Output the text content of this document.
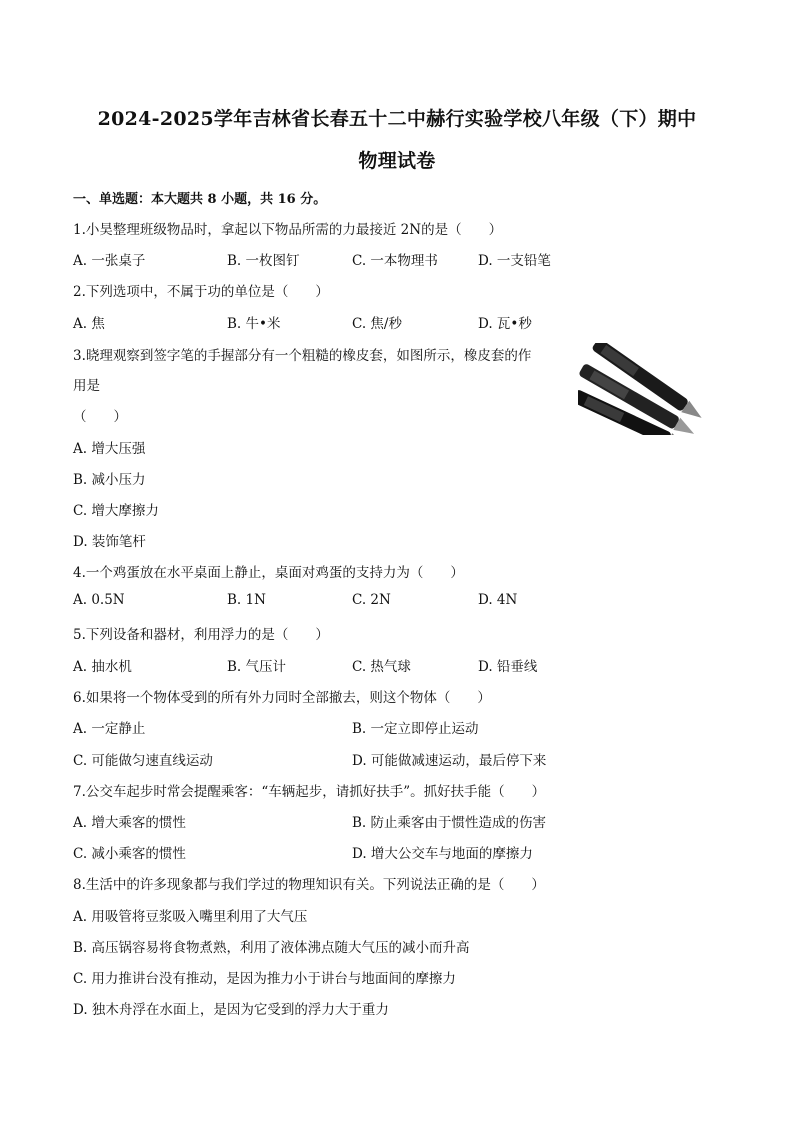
2024-2025学年吉林省长春五十二中赫行实验学校八年级（下）期中
物理试卷
一、单选题：本大题共 8 小题，共 16 分。
1.小昊整理班级物品时，拿起以下物品所需的力最接近 2N的是（　　）
A. 一张桌子	B. 一枚图钉	C. 一本物理书	D. 一支铅笔
2.下列选项中，不属于功的单位是（　　）
A. 焦	B. 牛•米	C. 焦/秒	D. 瓦•秒
3.晓理观察到签字笔的手握部分有一个粗糙的橡皮套，如图所示，橡皮套的作
用是
（　　）
A. 增大压强
B. 减小压力
C. 增大摩擦力
D. 装饰笔杆
4.一个鸡蛋放在水平桌面上静止，桌面对鸡蛋的支持力为（　　）
A. 0.5N	B. 1N	C. 2N	D. 4N
5.下列设备和器材，利用浮力的是（　　）
A. 抽水机	B. 气压计	C. 热气球	D. 铅垂线
6.如果将一个物体受到的所有外力同时全部撤去，则这个物体（　　）
A. 一定静止	B. 一定立即停止运动
C. 可能做匀速直线运动	D. 可能做减速运动，最后停下来
7.公交车起步时常会提醒乘客：“车辆起步，请抓好扶手”。抓好扶手能（　　）
A. 增大乘客的惯性	B. 防止乘客由于惯性造成的伤害
C. 减小乘客的惯性	D. 增大公交车与地面的摩擦力
8.生活中的许多现象都与我们学过的物理知识有关。下列说法正确的是（　　）
A. 用吸管将豆浆吸入嘴里利用了大气压
B. 高压锅容易将食物煮熟，利用了液体沸点随大气压的减小而升高
C. 用力推讲台没有推动，是因为推力小于讲台与地面间的摩擦力
D. 独木舟浮在水面上，是因为它受到的浮力大于重力
